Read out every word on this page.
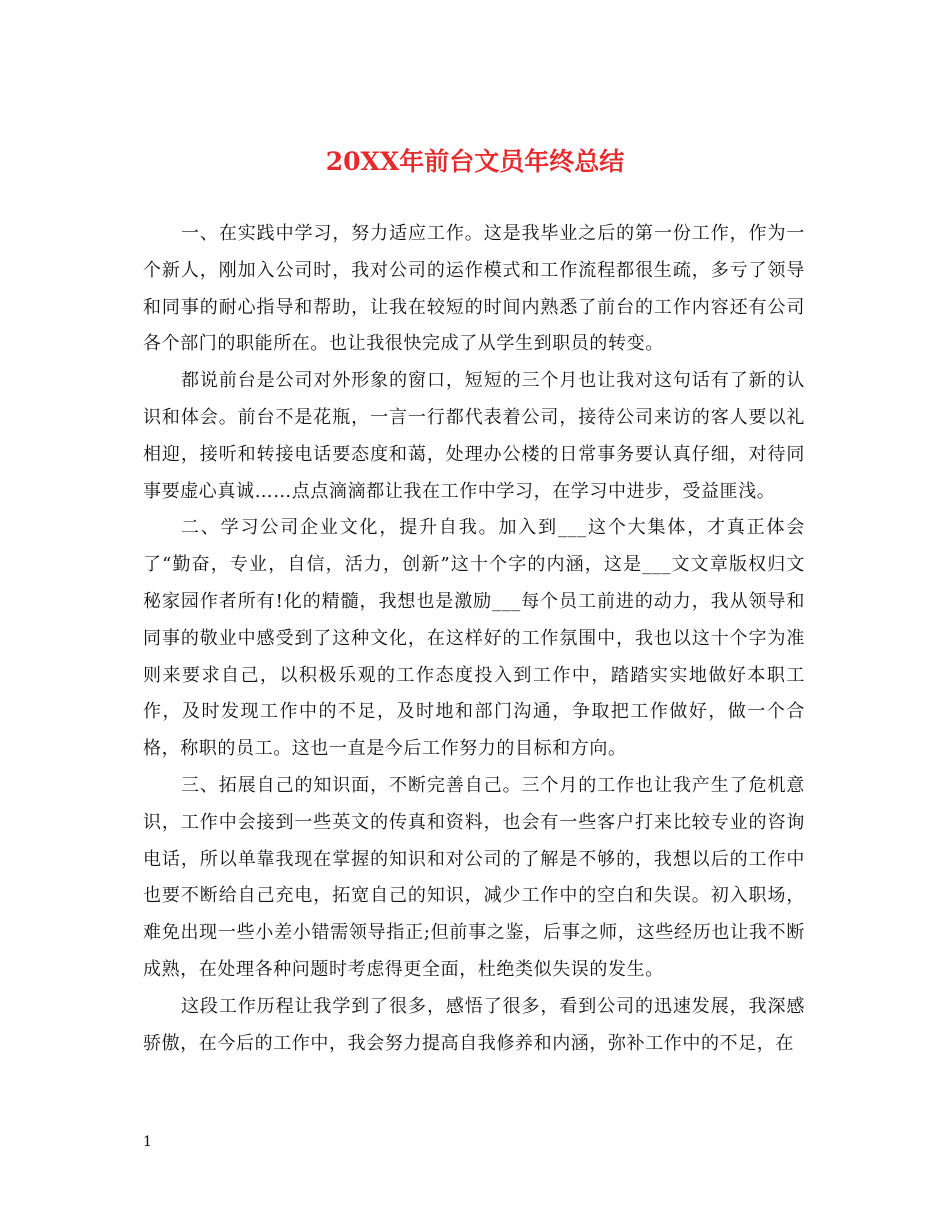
20XX年前台文员年终总结

一、在实践中学习，努力适应工作。这是我毕业之后的第一份工作，作为一个新人，刚加入公司时，我对公司的运作模式和工作流程都很生疏，多亏了领导和同事的耐心指导和帮助，让我在较短的时间内熟悉了前台的工作内容还有公司各个部门的职能所在。也让我很快完成了从学生到职员的转变。

都说前台是公司对外形象的窗口，短短的三个月也让我对这句话有了新的认识和体会。前台不是花瓶，一言一行都代表着公司，接待公司来访的客人要以礼相迎，接听和转接电话要态度和蔼，处理办公楼的日常事务要认真仔细，对待同事要虚心真诚……点点滴滴都让我在工作中学习，在学习中进步，受益匪浅。

二、学习公司企业文化，提升自我。加入到___这个大集体，才真正体会了“勤奋，专业，自信，活力，创新”这十个字的内涵，这是___文文章版权归文秘家园作者所有!化的精髓，我想也是激励___每个员工前进的动力，我从领导和同事的敬业中感受到了这种文化，在这样好的工作氛围中，我也以这十个字为准则来要求自己，以积极乐观的工作态度投入到工作中，踏踏实实地做好本职工作，及时发现工作中的不足，及时地和部门沟通，争取把工作做好，做一个合格，称职的员工。这也一直是今后工作努力的目标和方向。

三、拓展自己的知识面，不断完善自己。三个月的工作也让我产生了危机意识，工作中会接到一些英文的传真和资料，也会有一些客户打来比较专业的咨询电话，所以单靠我现在掌握的知识和对公司的了解是不够的，我想以后的工作中也要不断给自己充电，拓宽自己的知识，减少工作中的空白和失误。初入职场，难免出现一些小差小错需领导指正;但前事之鉴，后事之师，这些经历也让我不断成熟，在处理各种问题时考虑得更全面，杜绝类似失误的发生。

这段工作历程让我学到了很多，感悟了很多，看到公司的迅速发展，我深感骄傲，在今后的工作中，我会努力提高自我修养和内涵，弥补工作中的不足，在

1
